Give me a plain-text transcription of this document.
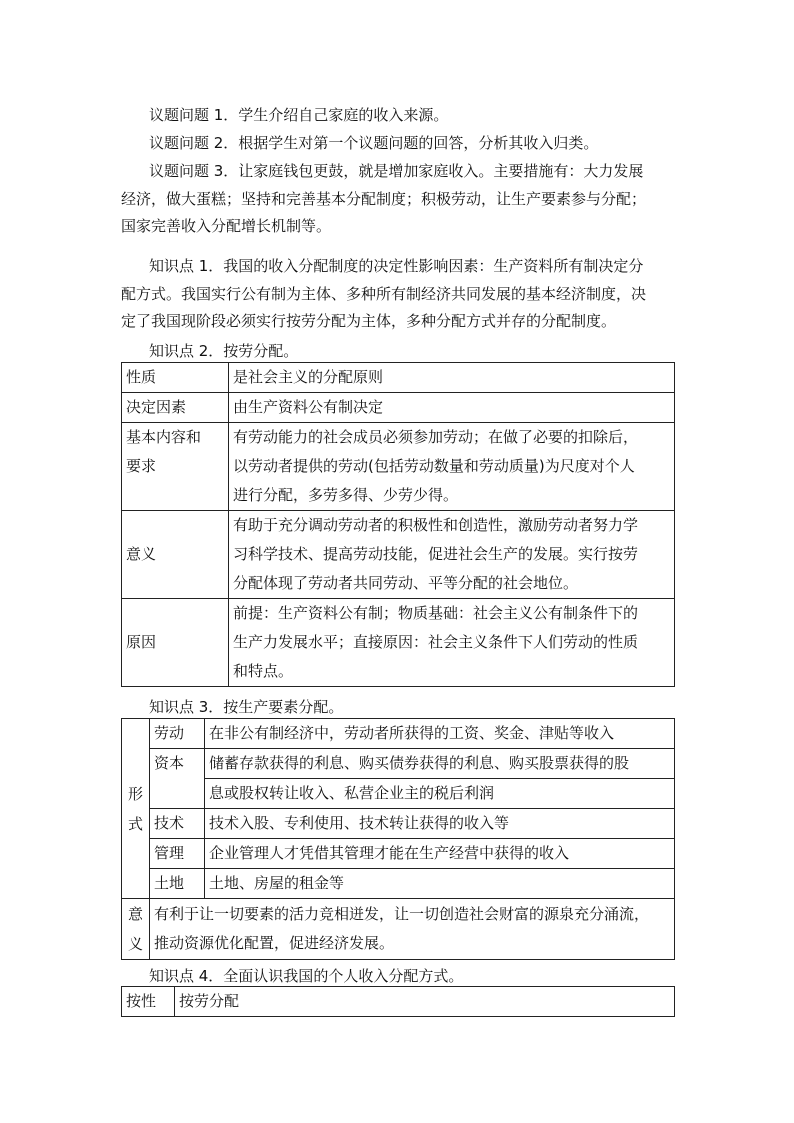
议题问题 1．学生介绍自己家庭的收入来源。

议题问题 2．根据学生对第一个议题问题的回答，分析其收入归类。

议题问题 3．让家庭钱包更鼓，就是增加家庭收入。主要措施有：大力发展
经济，做大蛋糕；坚持和完善基本分配制度；积极劳动，让生产要素参与分配；
国家完善收入分配增长机制等。

知识点 1．我国的收入分配制度的决定性影响因素：生产资料所有制决定分
配方式。我国实行公有制为主体、多种所有制经济共同发展的基本经济制度，决
定了我国现阶段必须实行按劳分配为主体，多种分配方式并存的分配制度。

知识点 2．按劳分配。
性质	是社会主义的分配原则

决定因素	由生产资料公有制决定

基本内容和
要求	有劳动能力的社会成员必须参加劳动；在做了必要的扣除后，
以劳动者提供的劳动(包括劳动数量和劳动质量)为尺度对个人
进行分配，多劳多得、少劳少得。

意义	有助于充分调动劳动者的积极性和创造性，激励劳动者努力学
习科学技术、提高劳动技能，促进社会生产的发展。实行按劳
分配体现了劳动者共同劳动、平等分配的社会地位。

原因	前提：生产资料公有制；物质基础：社会主义公有制条件下的
生产力发展水平；直接原因：社会主义条件下人们劳动的性质
和特点。
知识点 3．按生产要素分配。
形
式	劳动	在非公有制经济中，劳动者所获得的工资、奖金、津贴等收入

	资本	储蓄存款获得的利息、购买债券获得的利息、购买股票获得的股

		息或股权转让收入、私营企业主的税后利润

	技术	技术入股、专利使用、技术转让获得的收入等

	管理	企业管理人才凭借其管理才能在生产经营中获得的收入

	土地	土地、房屋的租金等

意
义	有利于让一切要素的活力竞相迸发，让一切创造社会财富的源泉充分涌流，
推动资源优化配置，促进经济发展。	
知识点 4．全面认识我国的个人收入分配方式。
按性	按劳分配
